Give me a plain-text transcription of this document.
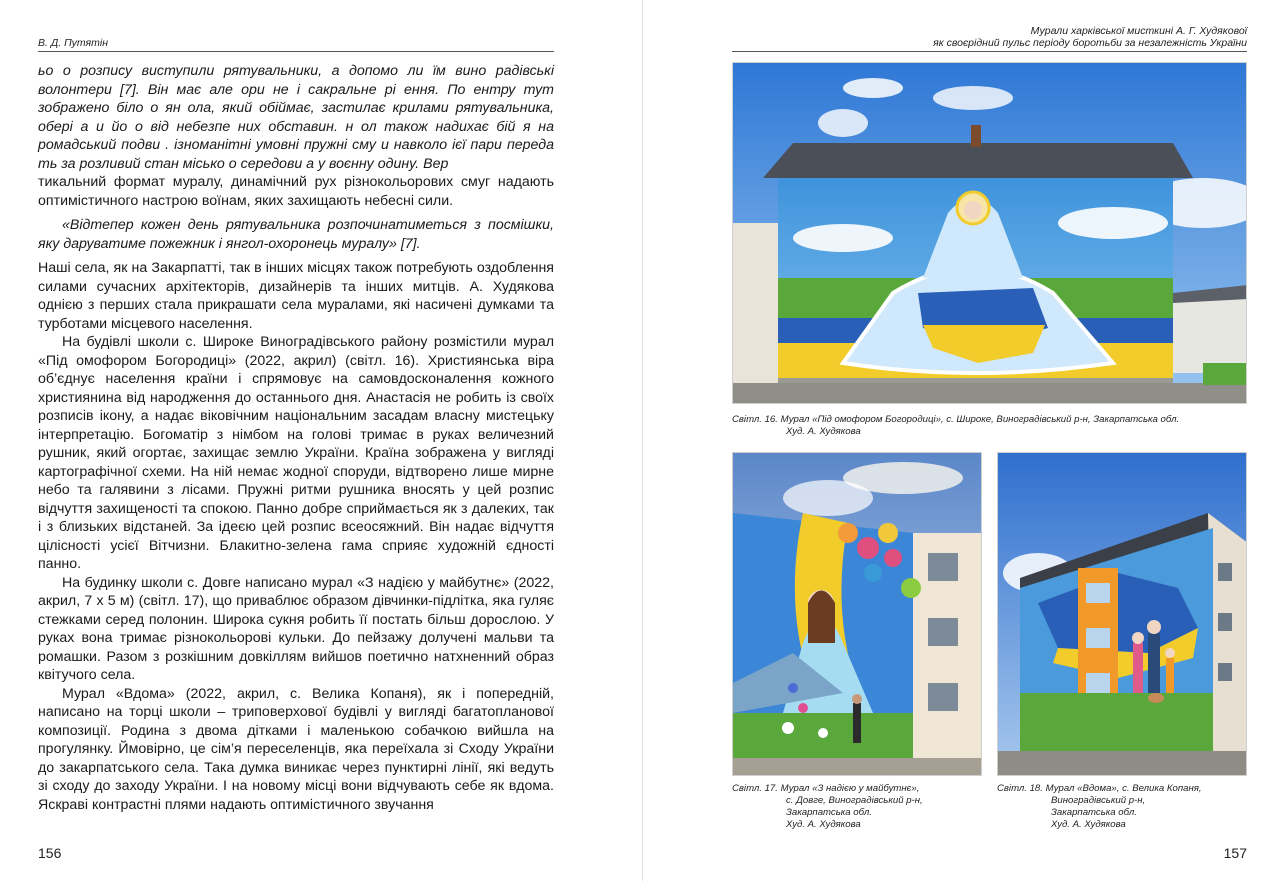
В. Д. Путятін

ьо о розпису виступили рятувальники, а допомо ли їм вино радівські волонтери [7]. Він має але ори не і сакральне рі ення. По ентру тут зображено біло о ян ола, який обіймає, застилає крилами рятувальника, обері а и йо о від небезпе них обставин. н ол також надихає бій я на ромадський подви . ізноманітні умовні пружні сму и навколо ієї пари переда ть за розливий стан місько о середови а у воєнну одину. Вер

тикальний формат муралу, динамічний рух різнокольорових смуг надають оптимістичного настрою воїнам, яких захищають небесні сили.

«Відтепер кожен день рятувальника розпочинатиметься з посмішки, яку даруватиме пожежник і янгол-охоронець муралу» [7].

Наші села, як на Закарпатті, так в інших місцях також потребують оздоблення силами сучасних архітекторів, дизайнерів та інших митців. А. Худякова однією з перших стала прикрашати села муралами, які насичені думками та турботами місцевого населення.

На будівлі школи с. Широке Виноградівського району розмістили мурал «Під омофором Богородиці» (2022, акрил) (світл. 16). Християнська віра об’єднує населення країни і спрямовує на самовдосконалення кожного християнина від народження до останнього дня. Анастасія не робить із своїх розписів ікону, а надає віковічним національним засадам власну мистецьку інтерпретацію. Богоматір з німбом на голові тримає в руках величезний рушник, який огортає, захищає землю України. Країна зображена у вигляді картографічної схеми. На ній немає жодної споруди, відтворено лише мирне небо та галявини з лісами. Пружні ритми рушника вносять у цей розпис відчуття захищеності та спокою. Панно добре сприймається як з далеких, так і з близьких відстаней. За ідеєю цей розпис всеосяжний. Він надає відчуття цілісності усієї Вітчизни. Блакитно-зелена гама сприяє художній єдності панно.

На будинку школи с. Довге написано мурал «З надією у майбутнє» (2022, акрил, 7 х 5 м) (світл. 17), що приваблює образом дівчинки-підлітка, яка гуляє стежками серед полонин. Широка сукня робить її постать більш дорослою. У руках вона тримає різнокольорові кульки. До пейзажу долучені мальви та ромашки. Разом з розкішним довкіллям вийшов поетично натхненний образ квітучого села.

Мурал «Вдома» (2022, акрил, с. Велика Копаня), як і попередній, написано на торці школи – триповерхової будівлі у вигляді багатопланової композиції. Родина з двома дітками і маленькою собачкою вийшла на прогулянку. Ймовірно, це сім’я переселенців, яка переїхала зі Сходу України до закарпатського села. Така думка виникає через пунктирні лінії, які ведуть зі сходу до заходу України. І на новому місці вони відчувають себе як вдома. Яскраві контрастні плями надають оптимістичного звучання

156
Мурали харківської мисткині А. Г. Худякової
як своєрідний пульс періоду боротьби за незалежність України
Світл. 16. Мурал «Під омофором Богородиці», с. Широке, Виноградівський р-н, Закарпатська обл.
Худ. А. Худякова
Світл. 17. Мурал «З надією у майбутнє»,
с. Довге, Виноградівський р-н,
Закарпатська обл.
Худ. А. Худякова
Світл. 18. Мурал «Вдома», с. Велика Копаня,
Виноградівський р-н,
Закарпатська обл.
Худ. А. Худякова
157
